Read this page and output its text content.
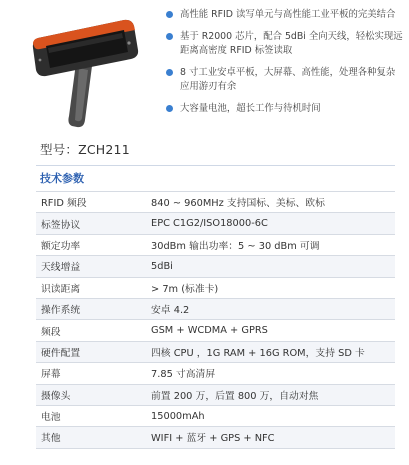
高性能 RFID 读写单元与高性能工业平板的完美结合
基于 R2000 芯片，配合 5dBi 全向天线，轻松实现远距离高密度 RFID 标签读取
8 寸工业安卓平板，大屏幕、高性能，处理各种复杂应用游刃有余
大容量电池，超长工作与待机时间
型号：ZCH211
技术参数
RFID 频段	840 ~ 960MHz 支持国标、美标、欧标
标签协议	EPC C1G2/ISO18000-6C
额定功率	30dBm 输出功率：5 ~ 30 dBm 可调
天线增益	5dBi
识读距离	> 7m (标准卡)
操作系统	安卓 4.2
频段	GSM + WCDMA + GPRS
硬件配置	四核 CPU ，1G RAM + 16G ROM，支持 SD 卡
屏幕	7.85 寸高清屏
摄像头	前置 200 万，后置 800 万，自动对焦
电池	15000mAh
其他	WIFI + 蓝牙 + GPS + NFC
